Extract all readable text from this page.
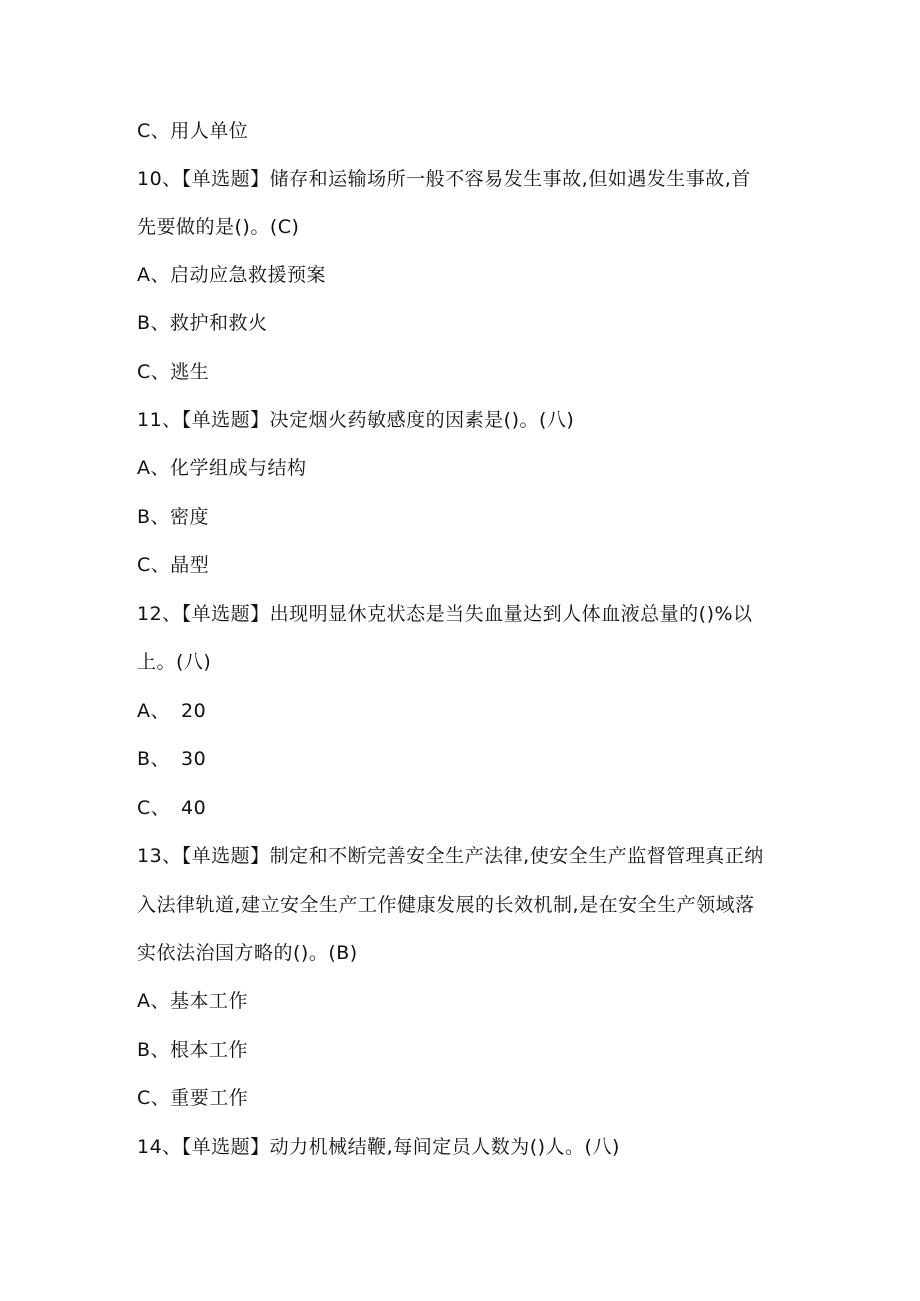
C、用人单位
10、【单选题】储存和运输场所一般不容易发生事故,但如遇发生事故,首
先要做的是()。(C)
A、启动应急救援预案
B、救护和救火
C、逃生
11、【单选题】决定烟火药敏感度的因素是()。(八)
A、化学组成与结构
B、密度
C、晶型
12、【单选题】出现明显休克状态是当失血量达到人体血液总量的()%以
上。(八)
A、 20
B、 30
C、 40
13、【单选题】制定和不断完善安全生产法律,使安全生产监督管理真正纳
入法律轨道,建立安全生产工作健康发展的长效机制,是在安全生产领域落
实依法治国方略的()。(B)
A、基本工作
B、根本工作
C、重要工作
14、【单选题】动力机械结鞭,每间定员人数为()人。(八)
